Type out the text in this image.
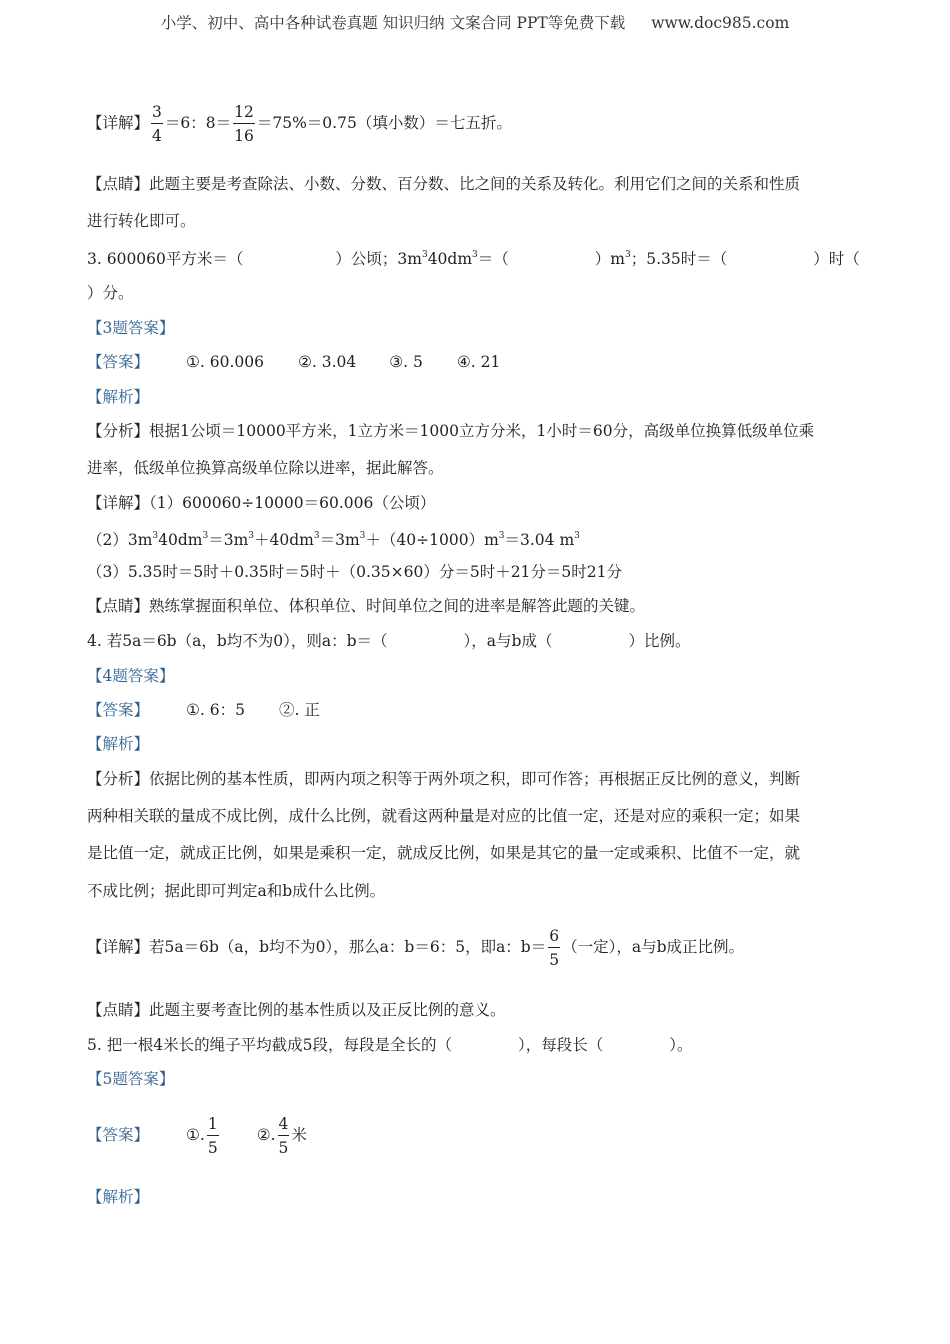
小学、初中、高中各种试卷真题 知识归纳 文案合同 PPT等免费下载 www.doc985.com
【详解】 $\frac{3}{4} =6$：$8= \frac{12}{16} =75\%=0.75$（填小数）＝七五折。
【点睛】此题主要是考查除法、小数、分数、百分数、比之间的关系及转化。利用它们之间的关系和性质
进行转化即可。
3. 600060平方米＝（	）公顷；$3m^340dm^3=$（	）$m^3$；5.35时＝（	）时（
）分。
【3题答案】
【答案】 ①. 60.006 ②. 3.04 ③. 5 ④. 21
【解析】
【分析】根据1公顷＝10000平方米，1立方米＝1000立方分米，1小时＝60分，高级单位换算低级单位乘
进率，低级单位换算高级单位除以进率，据此解答。
【详解】（1）600060÷10000＝60.006（公顷）
$(2)3m^340dm^3=3m^3+40dm^3=3m^3+(40\div 1000)m^3=3.04$ $m^3$
（3）5.35时＝5时＋0.35时＝5时＋（0.35×60）分＝5时＋21分＝5时21分
【点睛】熟练掌握面积单位、体积单位、时间单位之间的进率是解答此题的关键。
4. 若5a＝6b（a，b均不为0），则a：b＝（	），a与b成（	）比例。
【4题答案】
【答案】 ①. 6：5 ②. 正
【解析】
【分析】依据比例的基本性质，即两内项之积等于两外项之积，即可作答；再根据正反比例的意义，判断
两种相关联的量成不成比例，成什么比例，就看这两种量是对应的比值一定，还是对应的乘积一定；如果
是比值一定，就成正比例，如果是乘积一定，就成反比例，如果是其它的量一定或乘积、比值不一定，就
不成比例；据此即可判定a和b成什么比例。
【详解】若5a＝6b（a，b均不为0），那么a：b＝6：5，即a：$b= \frac{6}{5}$ （一定），a与b成正比例。
【点睛】此题主要考查比例的基本性质以及正反比例的意义。
5. 把一根4米长的绳子平均截成5段，每段是全长的（	），每段长（	）。
【5题答案】
【答案】 ①. $\frac{1}{5}$ ②. $\frac{4}{5}$ 米
【解析】
